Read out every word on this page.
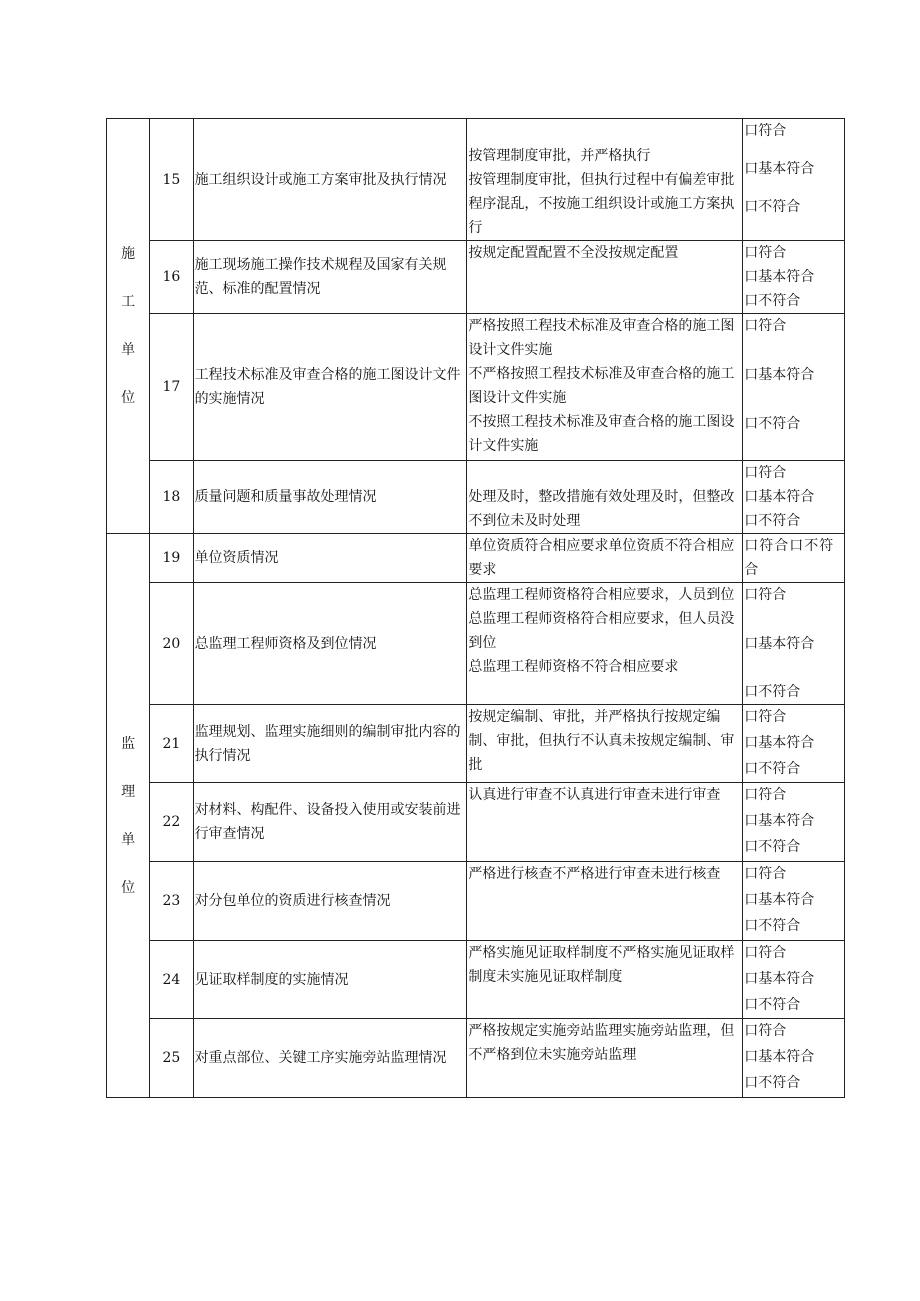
施
工
单
位	15	施工组织设计或施工方案审批及执行情况	按管理制度审批，并严格执行
按管理制度审批，但执行过程中有偏差审批程序混乱，不按施工组织设计或施工方案执行	口符合
口基本符合
口不符合

	16	施工现场施工操作技术规程及国家有关规范、标准的配置情况	按规定配置配置不全没按规定配置	口符合
口基本符合
口不符合

	17	工程技术标准及审查合格的施工图设计文件的实施情况	严格按照工程技术标准及审查合格的施工图设计文件实施
不严格按照工程技术标准及审查合格的施工图设计文件实施
不按照工程技术标准及审查合格的施工图设计文件实施	口符合
口基本符合
口不符合

	18	质量问题和质量事故处理情况	处理及时，整改措施有效处理及时，但整改不到位未及时处理	口符合
口基本符合
口不符合

监
理
单
位	19	单位资质情况	单位资质符合相应要求单位资质不符合相应要求	口符合口不符合
	20	总监理工程师资格及到位情况	总监理工程师资格符合相应要求，人员到位
总监理工程师资格符合相应要求，但人员没到位
总监理工程师资格不符合相应要求	口符合
口基本符合
口不符合

	21	监理规划、监理实施细则的编制审批内容的执行情况	按规定编制、审批，并严格执行按规定编制、审批，但执行不认真未按规定编制、审批	口符合
口基本符合
口不符合

	22	对材料、构配件、设备投入使用或安装前进行审查情况	认真进行审查不认真进行审查未进行审查	口符合
口基本符合
口不符合

	23	对分包单位的资质进行核查情况	严格进行核查不严格进行审查未进行核查	口符合
口基本符合
口不符合

	24	见证取样制度的实施情况	严格实施见证取样制度不严格实施见证取样制度未实施见证取样制度	口符合
口基本符合
口不符合

	25	对重点部位、关键工序实施旁站监理情况	严格按规定实施旁站监理实施旁站监理，但不严格到位未实施旁站监理	口符合
口基本符合
口不符合
